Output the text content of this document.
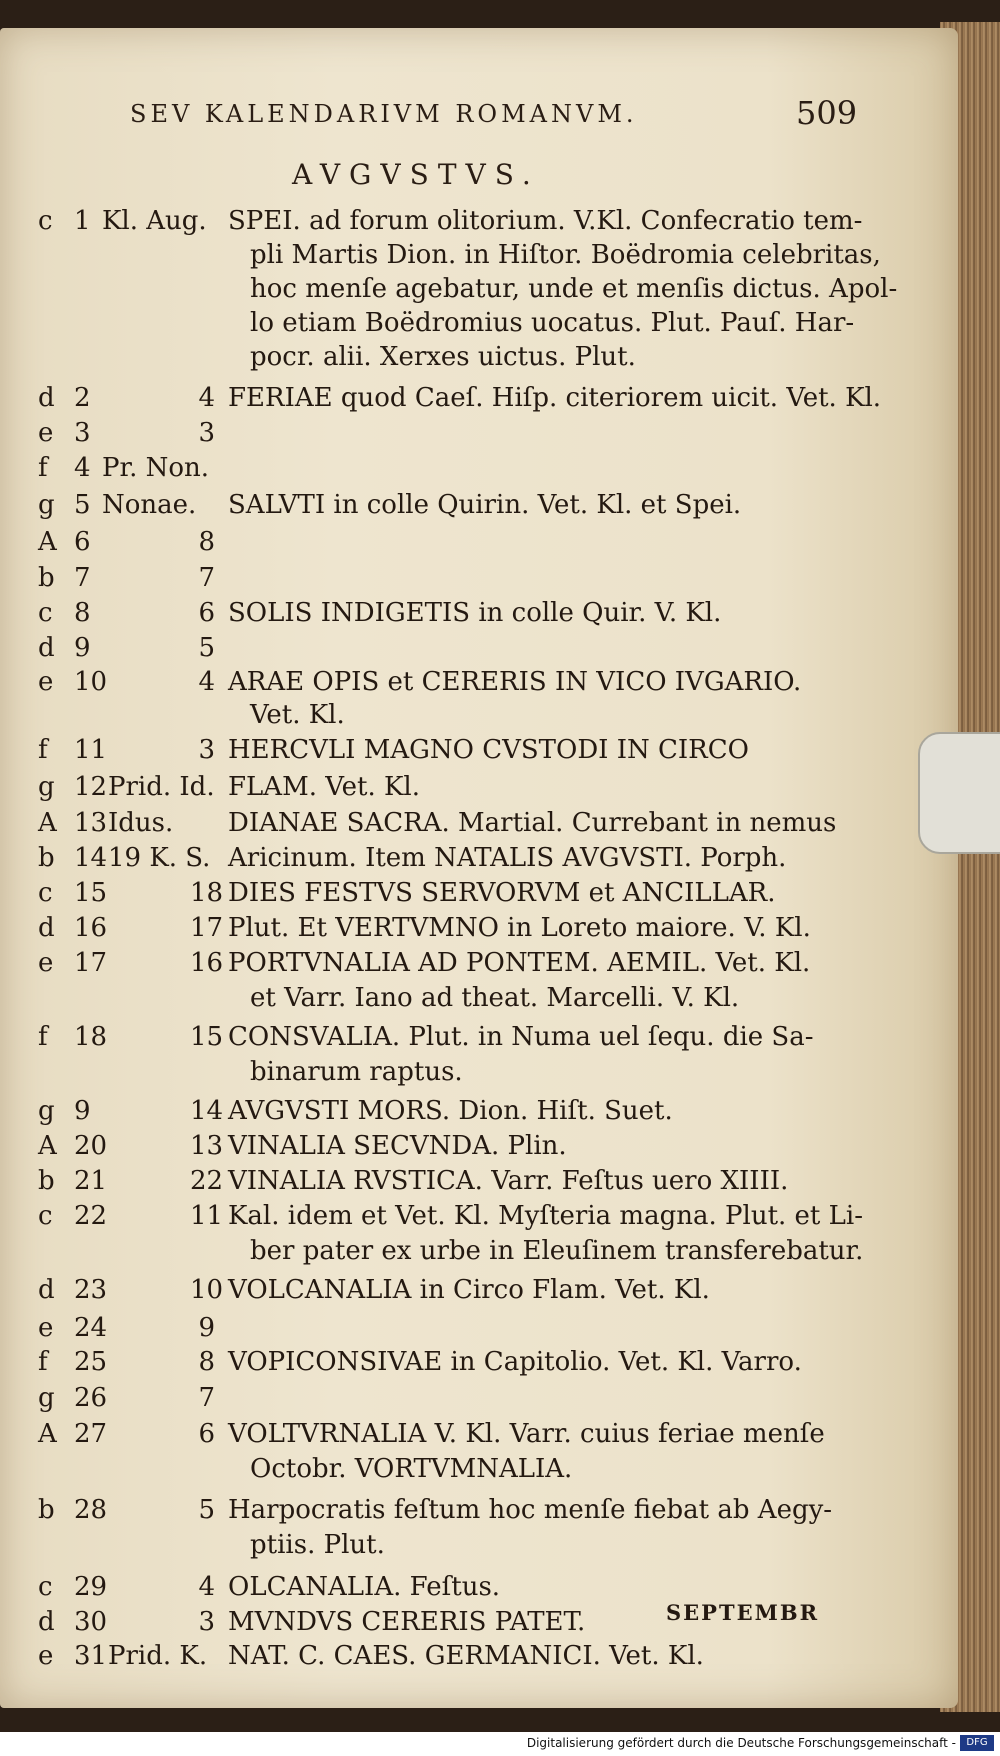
SEV KALENDARIVM ROMANVM.	509
AVGVSTVS.
c 1 Kl. Aug. SPEI. ad forum olitorium. V.Kl. Confecratio tem-
pli Martis Dion. in Hiſtor. Boëdromia celebritas,
hoc menſe agebatur, unde et menſis dictus. Apol-
lo etiam Boëdromius uocatus. Plut. Pauſ. Har-
pocr. alii. Xerxes uictus. Plut.
d 2	4 FERIAE quod Caeſ. Hiſp. citeriorem uicit. Vet. Kl.
e 3	3
f 4 Pr. Non.
g 5 Nonae. SALVTI in colle Quirin. Vet. Kl. et Spei.
A 6	8
b 7	7
c 8	6 SOLIS INDIGETIS in colle Quir. V. Kl.
d 9	5
e 10	4 ARAE OPIS et CERERIS IN VICO IVGARIO.
Vet. Kl.
f 11	3 HERCVLI MAGNO CVSTODI IN CIRCO
g 12 Prid. Id. FLAM. Vet. Kl.
A 13 Idus. DIANAE SACRA. Martial. Currebant in nemus
b 14 19 K. S. Aricinum. Item NATALIS AVGVSTI. Porph.
c 15	18 DIES FESTVS SERVORVM et ANCILLAR.
d 16	17 Plut. Et VERTVMNO in Loreto maiore. V. Kl.
e 17	16 PORTVNALIA AD PONTEM. AEMIL. Vet. Kl.
et Varr. Iano ad theat. Marcelli. V. Kl.
f 18	15 CONSVALIA. Plut. in Numa uel ſequ. die Sa-
binarum raptus.
g 9	14 AVGVSTI MORS. Dion. Hiſt. Suet.
A 20	13 VINALIA SECVNDA. Plin.
b 21	22 VINALIA RVSTICA. Varr. Feſtus uero XIIII.
c 22	11 Kal. idem et Vet. Kl. Myſteria magna. Plut. et Li-
ber pater ex urbe in Eleuſinem transferebatur.
d 23	10 VOLCANALIA in Circo Flam. Vet. Kl.
e 24	9
f 25	8 VOPICONSIVAE in Capitolio. Vet. Kl. Varro.
g 26	7
A 27	6 VOLTVRNALIA V. Kl. Varr. cuius feriae menſe
Octobr. VORTVMNALIA.
b 28	5 Harpocratis feſtum hoc menſe fiebat ab Aegy-
ptiis. Plut.
c 29	4 OLCANALIA. Feſtus.
d 30	3 MVNDVS CERERIS PATET.
e 31 Prid. K. NAT. C. CAES. GERMANICI. Vet. Kl.
SEPTEMBR
Digitalisierung gefördert durch die Deutsche Forschungsgemeinschaft -	DFG
